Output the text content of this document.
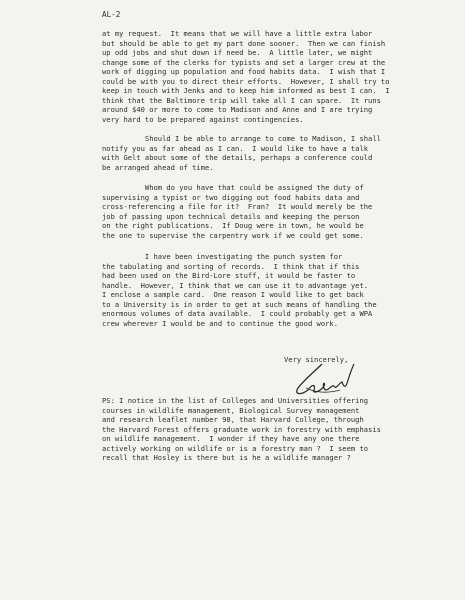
AL-2
at my request.  It means that we will have a little extra labor
but should be able to get my part done sooner.  Then we can finish
up odd jobs and shut down if need be.  A little later, we might
change some of the clerks for typists and set a larger crew at the
work of digging up population and food habits data.  I wish that I
could be with you to direct their efforts.  However, I shall try to
keep in touch with Jenks and to keep him informed as best I can.  I
think that the Baltimore trip will take all I can spare.  It runs
around $40 or more to come to Madison and Anne and I are trying
very hard to be prepared against contingencies.
Should I be able to arrange to come to Madison, I shall
notify you as far ahead as I can.  I would like to have a talk
with Gelt about some of the details, perhaps a conference could
be arranged ahead of time.
Whom do you have that could be assigned the duty of
supervising a typist or two digging out food habits data and
cross-referencing a file for it?  Fran?  It would merely be the
job of passing upon technical details and keeping the person
on the right publications.  If Doug were in town, he would be
the one to supervise the carpentry work if we could get some.
I have been investigating the punch system for
the tabulating and sorting of records.  I think that if this
had been used on the Bird-Lore stuff, it would be faster to
handle.  However, I think that we can use it to advantage yet.
I enclose a sample card.  One reason I would like to get back
to a University is in order to get at such means of handling the
enormous volumes of data available.  I could probably get a WPA
crew wherever I would be and to continue the good work.
Very sincerely,
PS: I notice in the list of Colleges and Universities offering
courses in wildlife management, Biological Survey management
and research leaflet number 98, that Harvard College, through
the Harvard Forest offers graduate work in forestry with emphasis
on wildlife management.  I wonder if they have any one there
actively working on wildlife or is a forestry man ?  I seem to
recall that Hosley is there but is he a wildlife manager ?
